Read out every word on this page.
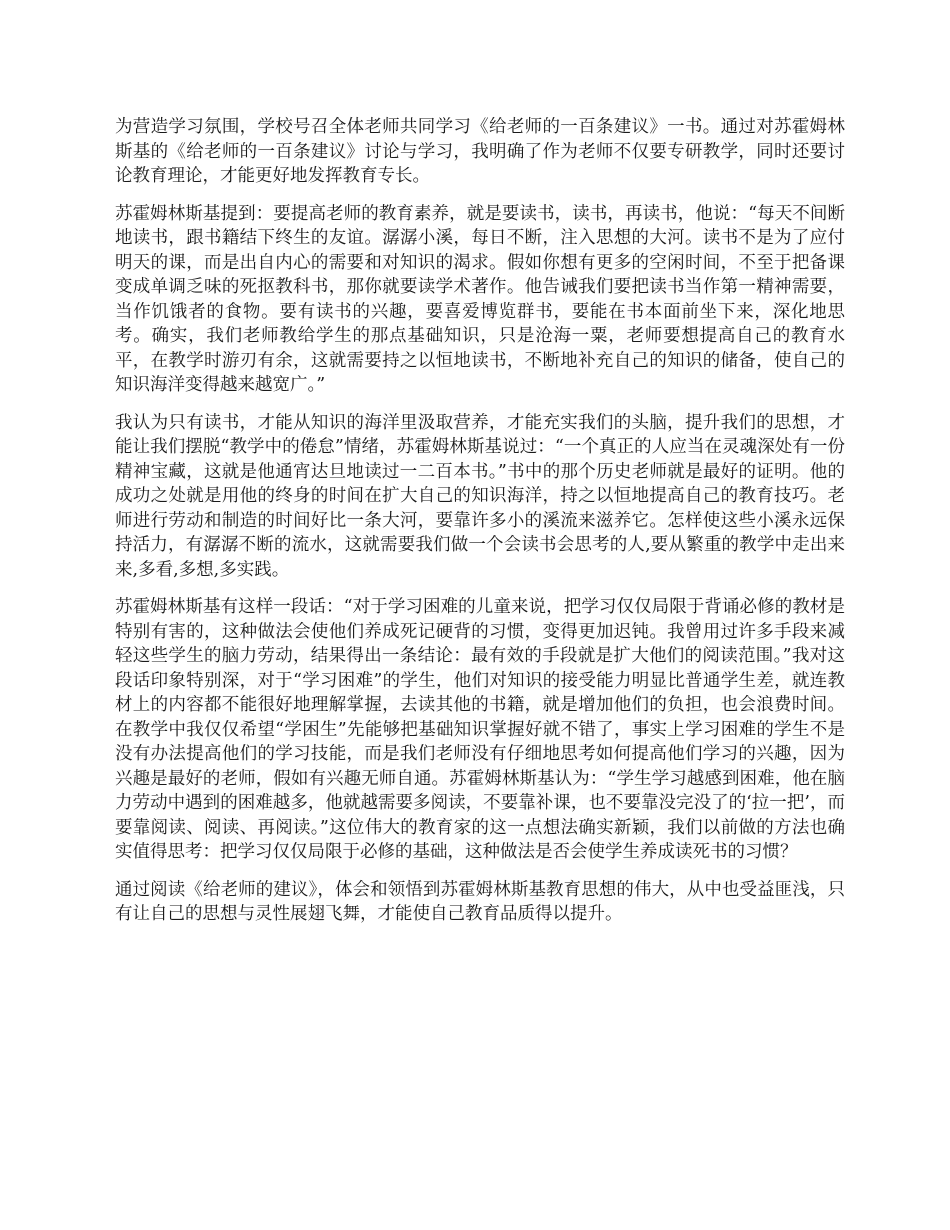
为营造学习氛围，学校号召全体老师共同学习《给老师的一百条建议》一书。通过对苏霍姆林斯基的《给老师的一百条建议》讨论与学习，我明确了作为老师不仅要专研教学，同时还要讨论教育理论，才能更好地发挥教育专长。

苏霍姆林斯基提到：要提高老师的教育素养，就是要读书，读书，再读书，他说：“每天不间断地读书，跟书籍结下终生的友谊。潺潺小溪，每日不断，注入思想的大河。读书不是为了应付明天的课，而是出自内心的需要和对知识的渴求。假如你想有更多的空闲时间，不至于把备课变成单调乏味的死抠教科书，那你就要读学术著作。他告诫我们要把读书当作第一精神需要，当作饥饿者的食物。要有读书的兴趣，要喜爱博览群书，要能在书本面前坐下来，深化地思考。确实，我们老师教给学生的那点基础知识，只是沧海一粟，老师要想提高自己的教育水平，在教学时游刃有余，这就需要持之以恒地读书，不断地补充自己的知识的储备，使自己的知识海洋变得越来越宽广。”

我认为只有读书，才能从知识的海洋里汲取营养，才能充实我们的头脑，提升我们的思想，才能让我们摆脱“教学中的倦怠”情绪，苏霍姆林斯基说过：“一个真正的人应当在灵魂深处有一份精神宝藏，这就是他通宵达旦地读过一二百本书。”书中的那个历史老师就是最好的证明。他的成功之处就是用他的终身的时间在扩大自己的知识海洋，持之以恒地提高自己的教育技巧。老师进行劳动和制造的时间好比一条大河，要靠许多小的溪流来滋养它。怎样使这些小溪永远保持活力，有潺潺不断的流水，这就需要我们做一个会读书会思考的人,要从繁重的教学中走出来来,多看,多想,多实践。

苏霍姆林斯基有这样一段话：“对于学习困难的儿童来说，把学习仅仅局限于背诵必修的教材是特别有害的，这种做法会使他们养成死记硬背的习惯，变得更加迟钝。我曾用过许多手段来减轻这些学生的脑力劳动，结果得出一条结论：最有效的手段就是扩大他们的阅读范围。”我对这段话印象特别深，对于“学习困难”的学生，他们对知识的接受能力明显比普通学生差，就连教材上的内容都不能很好地理解掌握，去读其他的书籍，就是增加他们的负担，也会浪费时间。在教学中我仅仅希望“学困生”先能够把基础知识掌握好就不错了，事实上学习困难的学生不是没有办法提高他们的学习技能，而是我们老师没有仔细地思考如何提高他们学习的兴趣，因为兴趣是最好的老师，假如有兴趣无师自通。苏霍姆林斯基认为：“学生学习越感到困难，他在脑力劳动中遇到的困难越多，他就越需要多阅读，不要靠补课，也不要靠没完没了的‘拉一把’，而要靠阅读、阅读、再阅读。”这位伟大的教育家的这一点想法确实新颖，我们以前做的方法也确实值得思考：把学习仅仅局限于必修的基础，这种做法是否会使学生养成读死书的习惯？

通过阅读《给老师的建议》，体会和领悟到苏霍姆林斯基教育思想的伟大，从中也受益匪浅，只有让自己的思想与灵性展翅飞舞，才能使自己教育品质得以提升。
